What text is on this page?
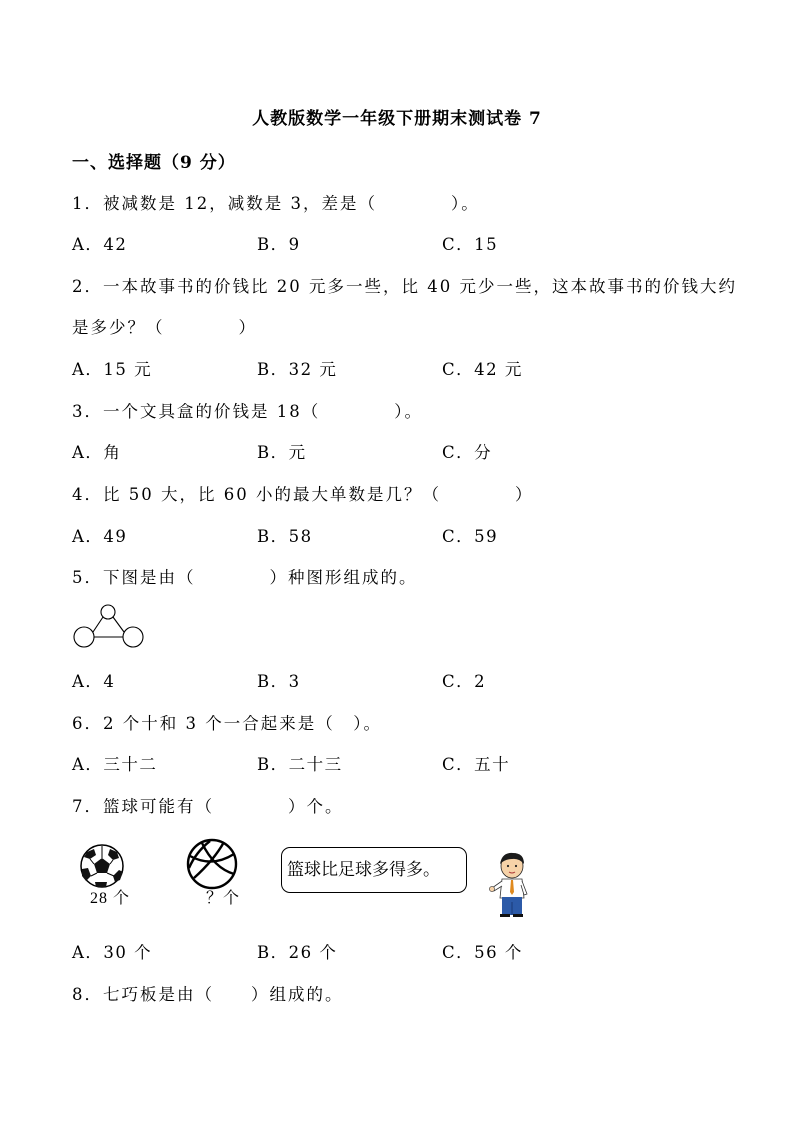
人教版数学一年级下册期末测试卷 7
一、选择题（9 分）
1．被减数是 12，减数是 3，差是（　　　　）。
A．42	B．9	C．15
2．一本故事书的价钱比 20 元多一些，比 40 元少一些，这本故事书的价钱大约
是多少？（　　　　）
A．15 元	B．32 元	C．42 元
3．一个文具盒的价钱是 18（　　　　）。
A．角	B．元	C．分
4．比 50 大，比 60 小的最大单数是几？（　　　　）
A．49	B．58	C．59
5．下图是由（　　　　）种图形组成的。
A．4	B．3	C．2
6．2 个十和 3 个一合起来是（　）。
A．三十二	B．二十三	C．五十
7．篮球可能有（　　　　）个。
28 个	？个
篮球比足球多得多。
A．30 个	B．26 个	C．56 个
8．七巧板是由（　　）组成的。
